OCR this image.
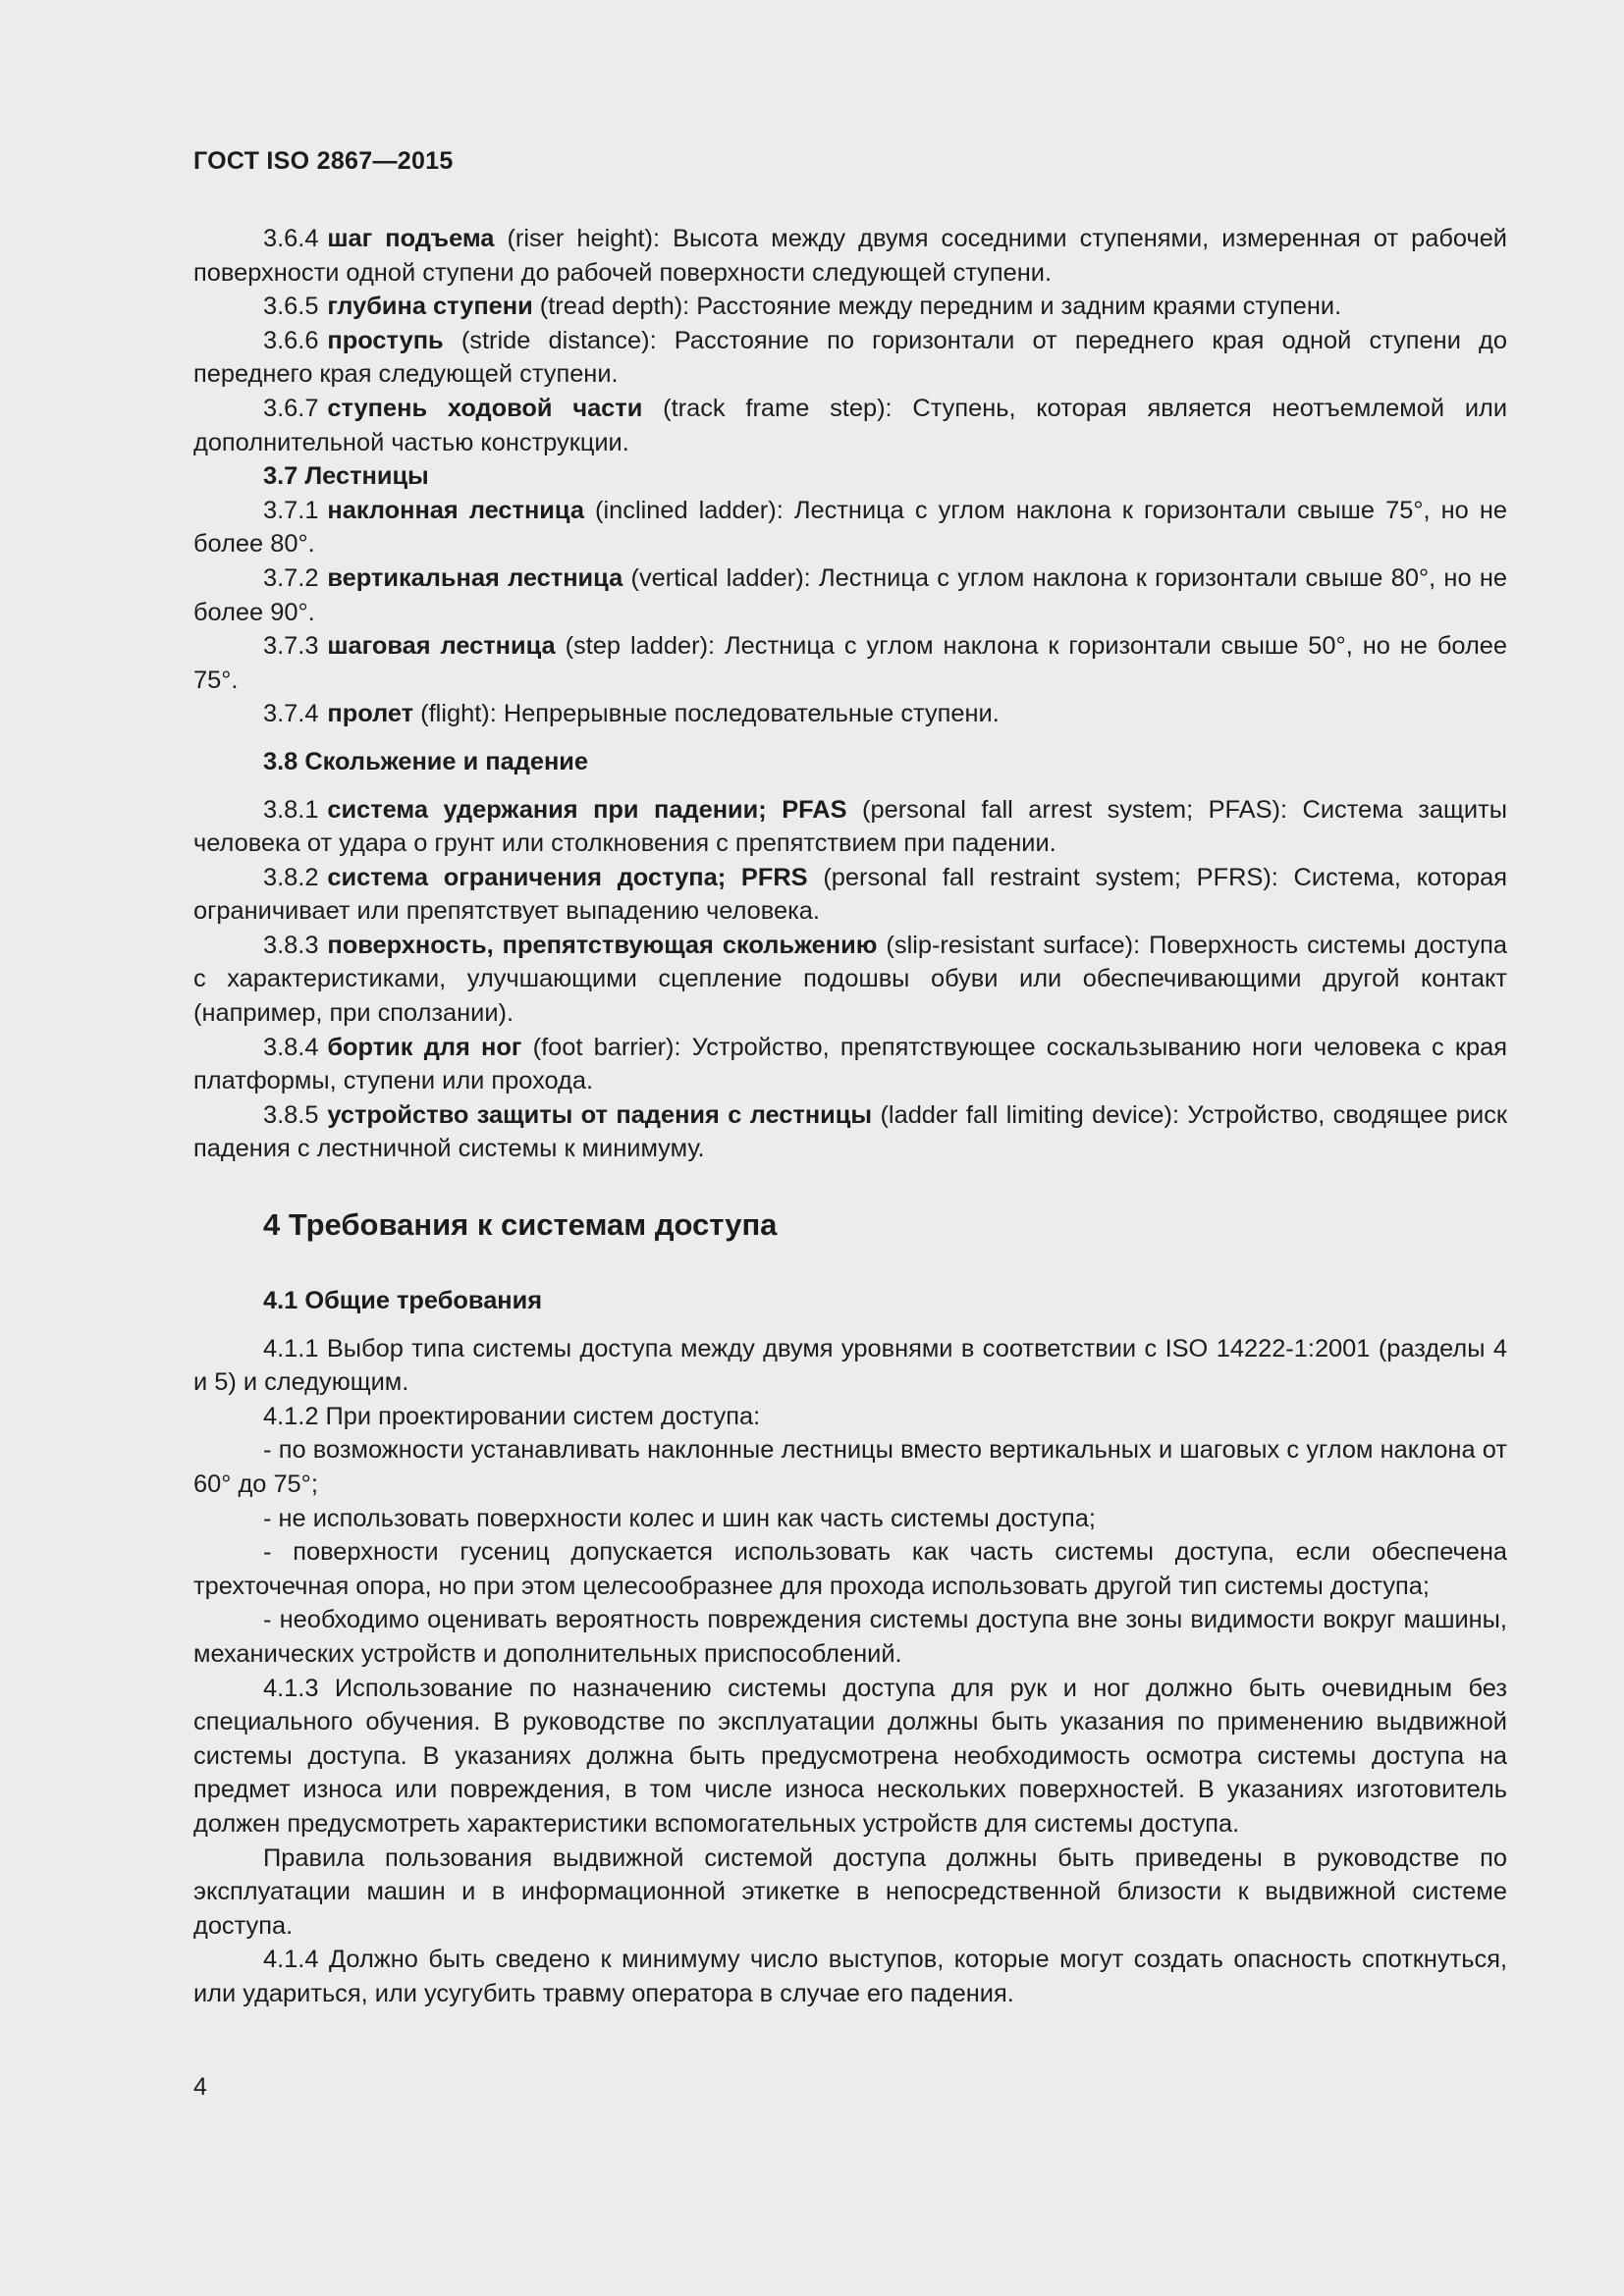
ГОСТ ISO 2867—2015

3.6.4 шаг подъема (riser height): Высота между двумя соседними ступенями, измеренная от рабочей поверхности одной ступени до рабочей поверхности следующей ступени.

3.6.5 глубина ступени (tread depth): Расстояние между передним и задним краями ступени.

3.6.6 проступь (stride distance): Расстояние по горизонтали от переднего края одной ступени до переднего края следующей ступени.

3.6.7 ступень ходовой части (track frame step): Ступень, которая является неотъемлемой или дополнительной частью конструкции.

3.7 Лестницы

3.7.1 наклонная лестница (inclined ladder): Лестница с углом наклона к горизонтали свыше 75°, но не более 80°.

3.7.2 вертикальная лестница (vertical ladder): Лестница с углом наклона к горизонтали свыше 80°, но не более 90°.

3.7.3 шаговая лестница (step ladder): Лестница с углом наклона к горизонтали свыше 50°, но не более 75°.

3.7.4 пролет (flight): Непрерывные последовательные ступени.

3.8 Скольжение и падение

3.8.1 система удержания при падении; PFAS (personal fall arrest system; PFAS): Система защиты человека от удара о грунт или столкновения с препятствием при падении.

3.8.2 система ограничения доступа; PFRS (personal fall restraint system; PFRS): Система, которая ограничивает или препятствует выпадению человека.

3.8.3 поверхность, препятствующая скольжению (slip-resistant surface): Поверхность системы доступа с характеристиками, улучшающими сцепление подошвы обуви или обеспечивающими другой контакт (например, при сползании).

3.8.4 бортик для ног (foot barrier): Устройство, препятствующее соскальзыванию ноги человека с края платформы, ступени или прохода.

3.8.5 устройство защиты от падения с лестницы (ladder fall limiting device): Устройство, сводящее риск падения с лестничной системы к минимуму.

4 Требования к системам доступа

4.1 Общие требования

4.1.1 Выбор типа системы доступа между двумя уровнями в соответствии с ISO 14222-1:2001 (разделы 4 и 5) и следующим.

4.1.2 При проектировании систем доступа:

- по возможности устанавливать наклонные лестницы вместо вертикальных и шаговых с углом наклона от 60° до 75°;

- не использовать поверхности колес и шин как часть системы доступа;

- поверхности гусениц допускается использовать как часть системы доступа, если обеспечена трехточечная опора, но при этом целесообразнее для прохода использовать другой тип системы доступа;

- необходимо оценивать вероятность повреждения системы доступа вне зоны видимости вокруг машины, механических устройств и дополнительных приспособлений.

4.1.3 Использование по назначению системы доступа для рук и ног должно быть очевидным без специального обучения. В руководстве по эксплуатации должны быть указания по применению выдвижной системы доступа. В указаниях должна быть предусмотрена необходимость осмотра системы доступа на предмет износа или повреждения, в том числе износа нескольких поверхностей. В указаниях изготовитель должен предусмотреть характеристики вспомогательных устройств для системы доступа.

Правила пользования выдвижной системой доступа должны быть приведены в руководстве по эксплуатации машин и в информационной этикетке в непосредственной близости к выдвижной системе доступа.

4.1.4 Должно быть сведено к минимуму число выступов, которые могут создать опасность споткнуться, или удариться, или усугубить травму оператора в случае его падения.

4
